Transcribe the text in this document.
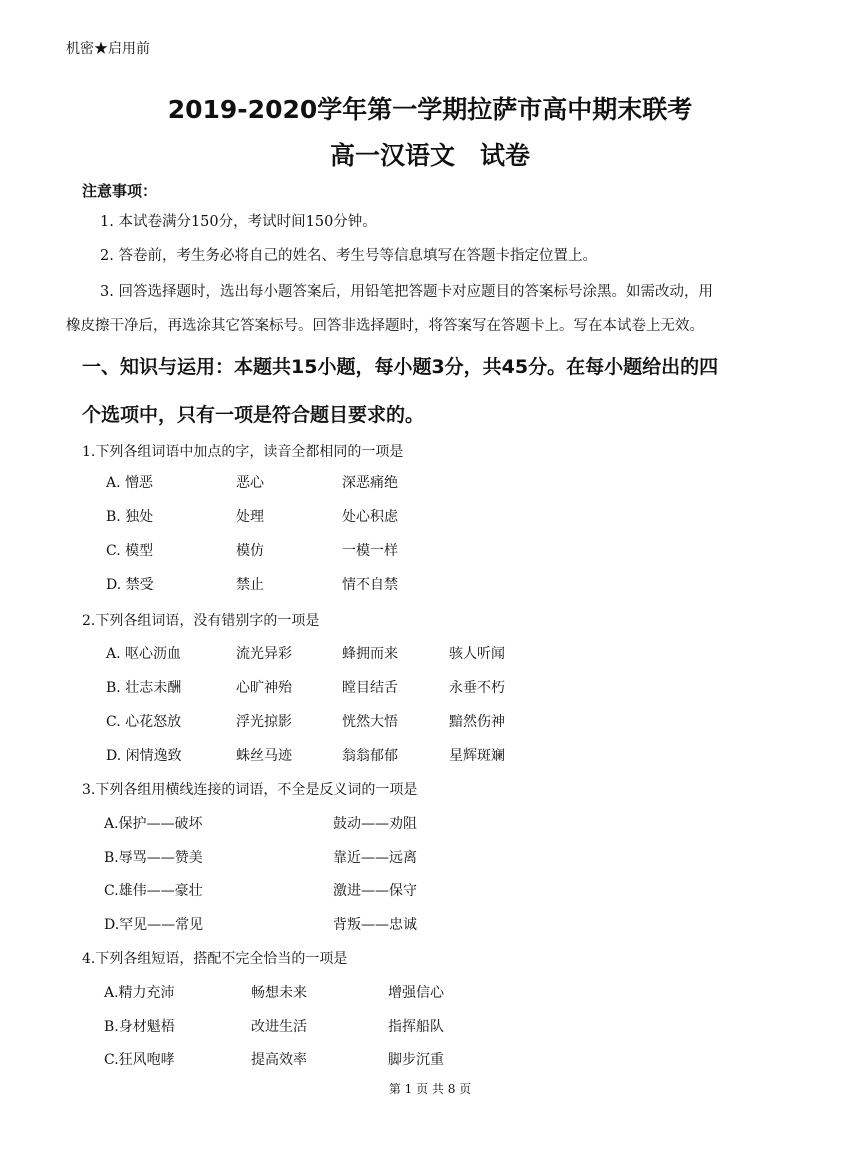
机密★启用前
2019-2020学年第一学期拉萨市高中期末联考
高一汉语文　试卷
注意事项：
1. 本试卷满分150分，考试时间150分钟。
2. 答卷前，考生务必将自己的姓名、考生号等信息填写在答题卡指定位置上。
3. 回答选择题时，选出每小题答案后，用铅笔把答题卡对应题目的答案标号涂黑。如需改动，用
橡皮擦干净后，再选涂其它答案标号。回答非选择题时，将答案写在答题卡上。写在本试卷上无效。
一、知识与运用：本题共15小题，每小题3分，共45分。在每小题给出的四
个选项中，只有一项是符合题目要求的。
1.下列各组词语中加点的字，读音全都相同的一项是
A. 憎恶	恶心	深恶痛绝
B. 独处	处理	处心积虑
C. 模型	模仿	一模一样
D. 禁受	禁止	情不自禁
2.下列各组词语，没有错别字的一项是
A. 呕心沥血	流光异彩	蜂拥而来	骇人听闻
B. 壮志未酬	心旷神殆	瞠目结舌	永垂不朽
C. 心花怒放	浮光掠影	恍然大悟	黯然伤神
D. 闲情逸致	蛛丝马迹	翁翁郁郁	星辉斑斓
3.下列各组用横线连接的词语，不全是反义词的一项是
A.保护——破坏	鼓动——劝阻
B.辱骂——赞美	靠近——远离
C.雄伟——豪壮	激进——保守
D.罕见——常见	背叛——忠诚
4.下列各组短语，搭配不完全恰当的一项是
A.精力充沛	畅想未来	增强信心
B.身材魁梧	改进生活	指挥船队
C.狂风咆哮	提高效率	脚步沉重
第 1 页 共 8 页
